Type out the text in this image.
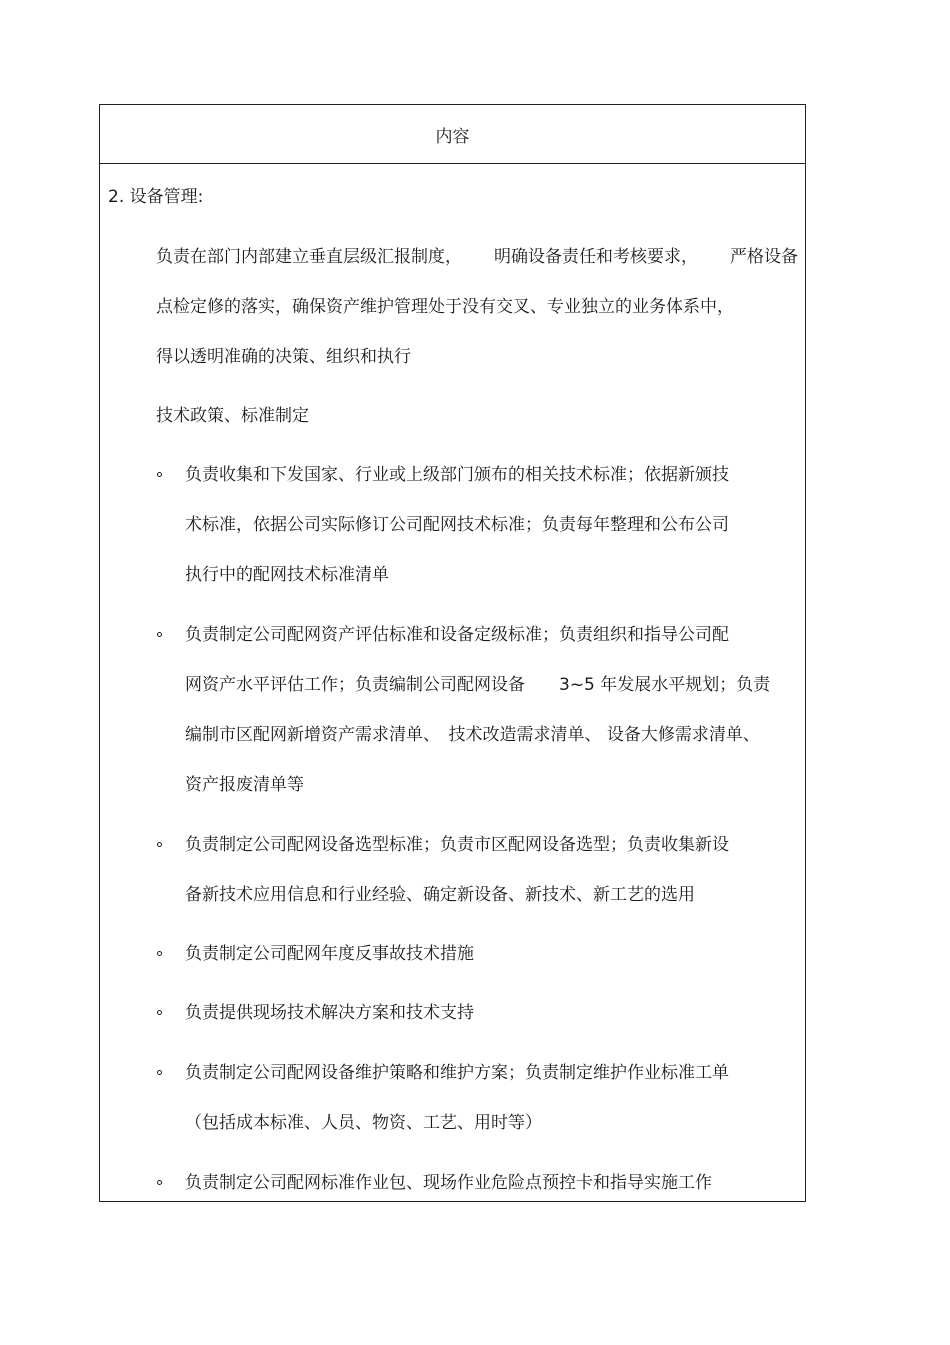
内容
2. 设备管理:
负责在部门内部建立垂直层级汇报制度， 明确设备责任和考核要求， 严格设备
点检定修的落实，确保资产维护管理处于没有交叉、专业独立的业务体系中，
得以透明准确的决策、组织和执行
技术政策、标准制定
负责收集和下发国家、行业或上级部门颁布的相关技术标准；依据新颁技
术标准，依据公司实际修订公司配网技术标准；负责每年整理和公布公司
执行中的配网技术标准清单
负责制定公司配网资产评估标准和设备定级标准；负责组织和指导公司配
网资产水平评估工作；负责编制公司配网设备　　3~5 年发展水平规划；负责
编制市区配网新增资产需求清单、　技术改造需求清单、 设备大修需求清单、
资产报废清单等
负责制定公司配网设备选型标准；负责市区配网设备选型；负责收集新设
备新技术应用信息和行业经验、确定新设备、新技术、新工艺的选用
负责制定公司配网年度反事故技术措施
负责提供现场技术解决方案和技术支持
负责制定公司配网设备维护策略和维护方案；负责制定维护作业标准工单
（包括成本标准、人员、物资、工艺、用时等）
负责制定公司配网标准作业包、现场作业危险点预控卡和指导实施工作
